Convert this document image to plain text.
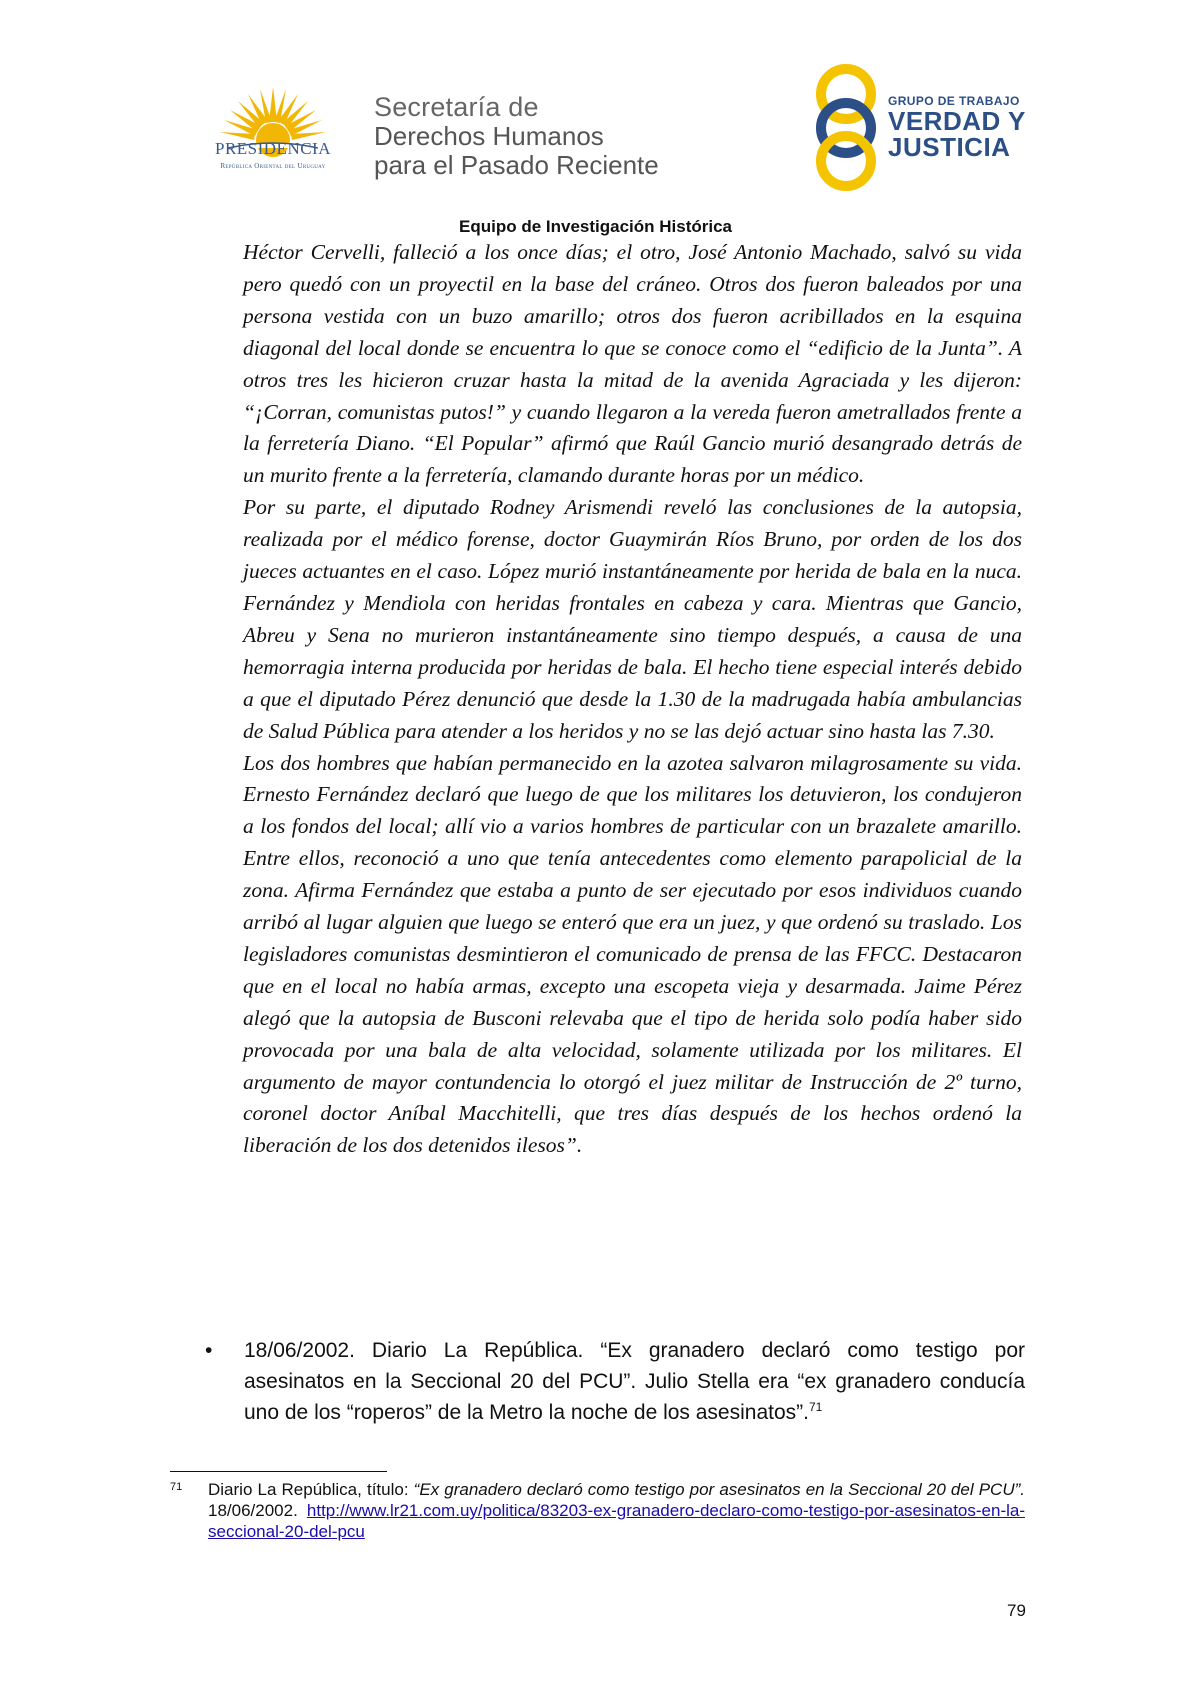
PRESIDENCIA
República Oriental del Uruguay
Secretaría de
Derechos Humanos
para el Pasado Reciente
GRUPO DE TRABAJO
VERDAD Y
JUSTICIA
Equipo de Investigación Histórica

Héctor Cervelli, falleció a los once días; el otro, José Antonio Machado, salvó su vida pero quedó con un proyectil en la base del cráneo. Otros dos fueron baleados por una persona vestida con un buzo amarillo; otros dos fueron acribillados en la esquina diagonal del local donde se encuentra lo que se conoce como el “edificio de la Junta”. A otros tres les hicieron cruzar hasta la mitad de la avenida Agraciada y les dijeron: “¡Corran, comunistas putos!” y cuando llegaron a la vereda fueron ametrallados frente a la ferretería Diano. “El Popular” afirmó que Raúl Gancio murió desangrado detrás de un murito frente a la ferretería, clamando durante horas por un médico.

Por su parte, el diputado Rodney Arismendi reveló las conclusiones de la autopsia, realizada por el médico forense, doctor Guaymirán Ríos Bruno, por orden de los dos jueces actuantes en el caso. López murió instantáneamente por herida de bala en la nuca. Fernández y Mendiola con heridas frontales en cabeza y cara. Mientras que Gancio, Abreu y Sena no murieron instantáneamente sino tiempo después, a causa de una hemorragia interna producida por heridas de bala. El hecho tiene especial interés debido a que el diputado Pérez denunció que desde la 1.30 de la madrugada había ambulancias de Salud Pública para atender a los heridos y no se las dejó actuar sino hasta las 7.30.

Los dos hombres que habían permanecido en la azotea salvaron milagrosamente su vida. Ernesto Fernández declaró que luego de que los militares los detuvieron, los condujeron a los fondos del local; allí vio a varios hombres de particular con un brazalete amarillo. Entre ellos, reconoció a uno que tenía antecedentes como elemento parapolicial de la zona. Afirma Fernández que estaba a punto de ser ejecutado por esos individuos cuando arribó al lugar alguien que luego se enteró que era un juez, y que ordenó su traslado. Los legisladores comunistas desmintieron el comunicado de prensa de las FFCC. Destacaron que en el local no había armas, excepto una escopeta vieja y desarmada. Jaime Pérez alegó que la autopsia de Busconi relevaba que el tipo de herida solo podía haber sido provocada por una bala de alta velocidad, solamente utilizada por los militares. El argumento de mayor contundencia lo otorgó el juez militar de Instrucción de 2º turno, coronel doctor Aníbal Macchitelli, que tres días después de los hechos ordenó la liberación de los dos detenidos ilesos”.

• 18/06/2002. Diario La República. “Ex granadero declaró como testigo por asesinatos en la Seccional 20 del PCU”. Julio Stella era “ex granadero conducía uno de los “roperos” de la Metro la noche de los asesinatos”.$^{71}$
71 Diario La República, título: “Ex granadero declaró como testigo por asesinatos en la Seccional 20 del PCU”. 18/06/2002. http://www.lr21.com.uy/politica/83203-ex-granadero-declaro-como-testigo-por-asesinatos-en-la-seccional-20-del-pcu
79
